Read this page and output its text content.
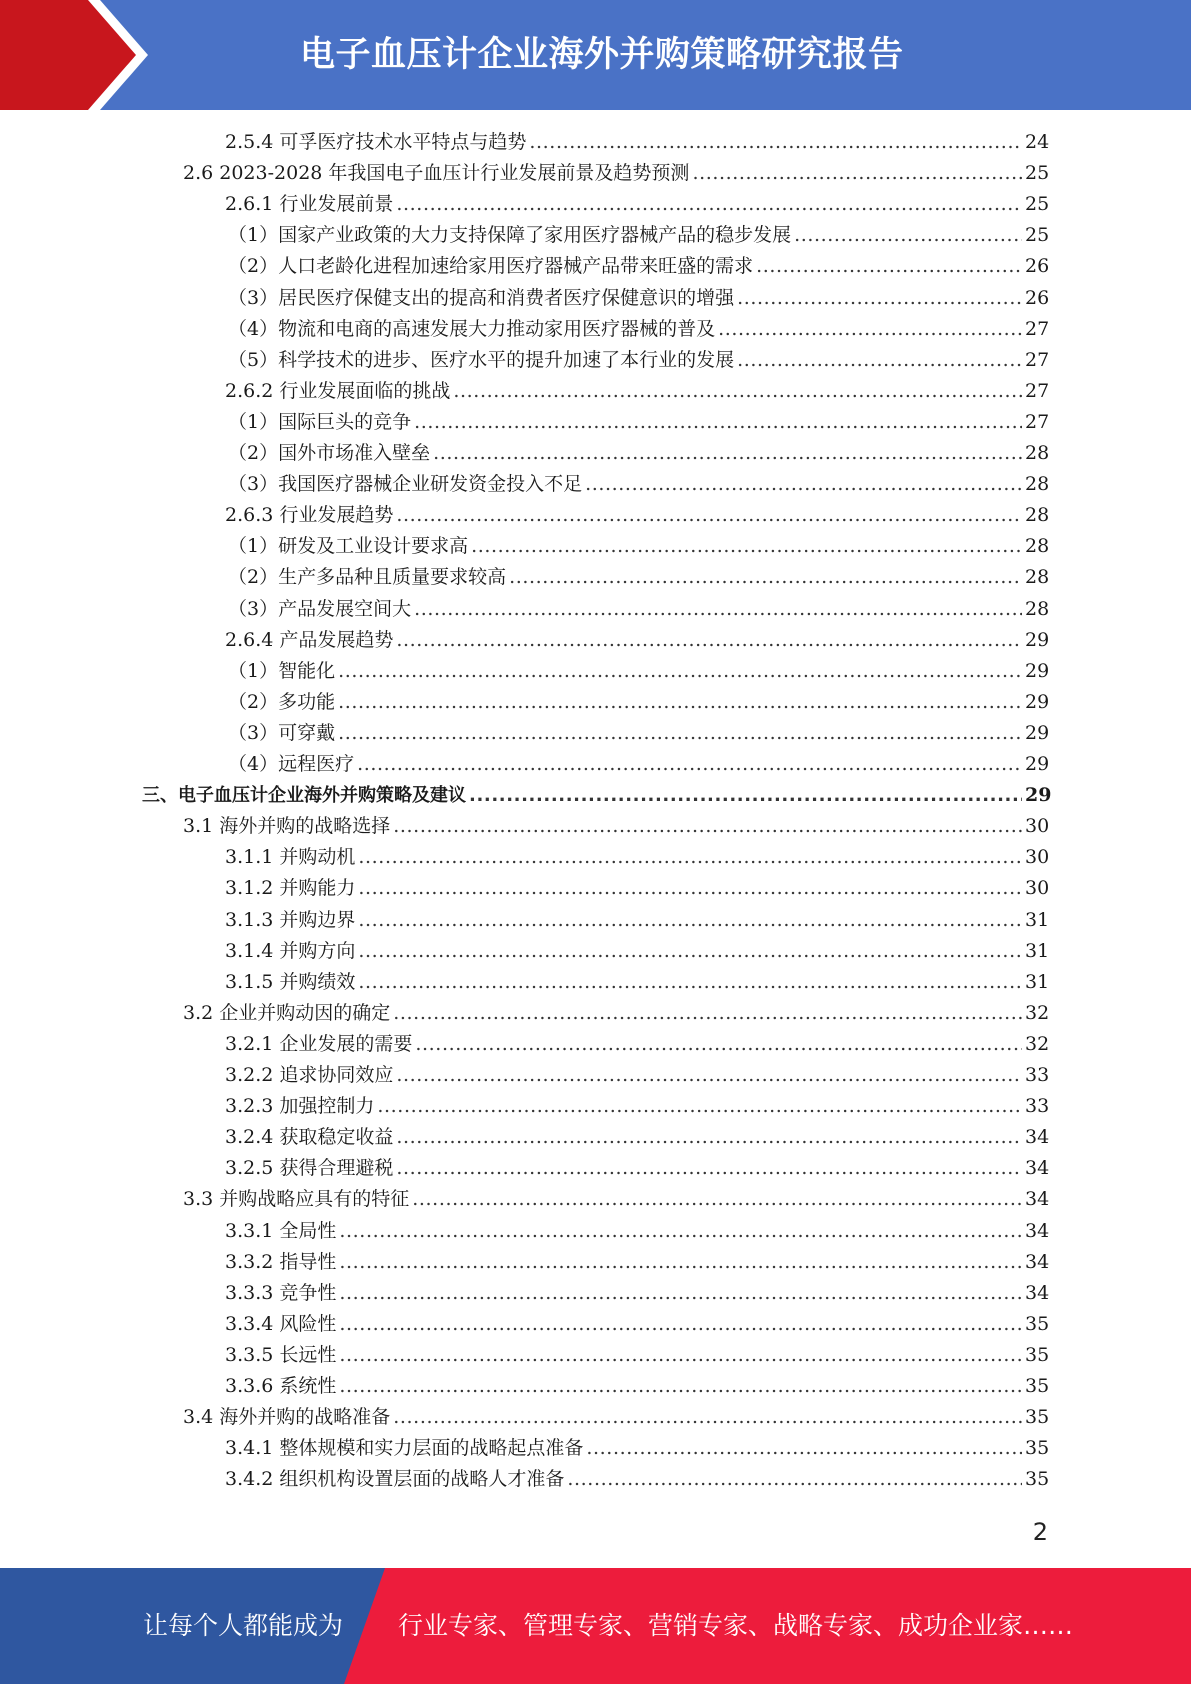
电子血压计企业海外并购策略研究报告
2.5.4 可孚医疗技术水平特点与趋势 .....	24
2.6 2023-2028 年我国电子血压计行业发展前景及趋势预测 .....	25
2.6.1 行业发展前景 .....	25
（1）国家产业政策的大力支持保障了家用医疗器械产品的稳步发展 .....	25
（2）人口老龄化进程加速给家用医疗器械产品带来旺盛的需求 .....	26
（3）居民医疗保健支出的提高和消费者医疗保健意识的增强 .....	26
（4）物流和电商的高速发展大力推动家用医疗器械的普及 .....	27
（5）科学技术的进步、医疗水平的提升加速了本行业的发展 .....	27
2.6.2 行业发展面临的挑战 .....	27
（1）国际巨头的竞争 .....	27
（2）国外市场准入壁垒 .....	28
（3）我国医疗器械企业研发资金投入不足 .....	28
2.6.3 行业发展趋势 .....	28
（1）研发及工业设计要求高 .....	28
（2）生产多品种且质量要求较高 .....	28
（3）产品发展空间大 .....	28
2.6.4 产品发展趋势 .....	29
（1）智能化 .....	29
（2）多功能 .....	29
（3）可穿戴 .....	29
（4）远程医疗 .....	29
三、电子血压计企业海外并购策略及建议 .....	29
3.1 海外并购的战略选择 .....	30
3.1.1 并购动机 .....	30
3.1.2 并购能力 .....	30
3.1.3 并购边界 .....	31
3.1.4 并购方向 .....	31
3.1.5 并购绩效 .....	31
3.2 企业并购动因的确定 .....	32
3.2.1 企业发展的需要 .....	32
3.2.2 追求协同效应 .....	33
3.2.3 加强控制力 .....	33
3.2.4 获取稳定收益 .....	34
3.2.5 获得合理避税 .....	34
3.3 并购战略应具有的特征 .....	34
3.3.1 全局性 .....	34
3.3.2 指导性 .....	34
3.3.3 竞争性 .....	34
3.3.4 风险性 .....	35
3.3.5 长远性 .....	35
3.3.6 系统性 .....	35
3.4 海外并购的战略准备 .....	35
3.4.1 整体规模和实力层面的战略起点准备 .....	35
3.4.2 组织机构设置层面的战略人才准备 .....	35
2
让每个人都能成为 行业专家、管理专家、营销专家、战略专家、成功企业家……
